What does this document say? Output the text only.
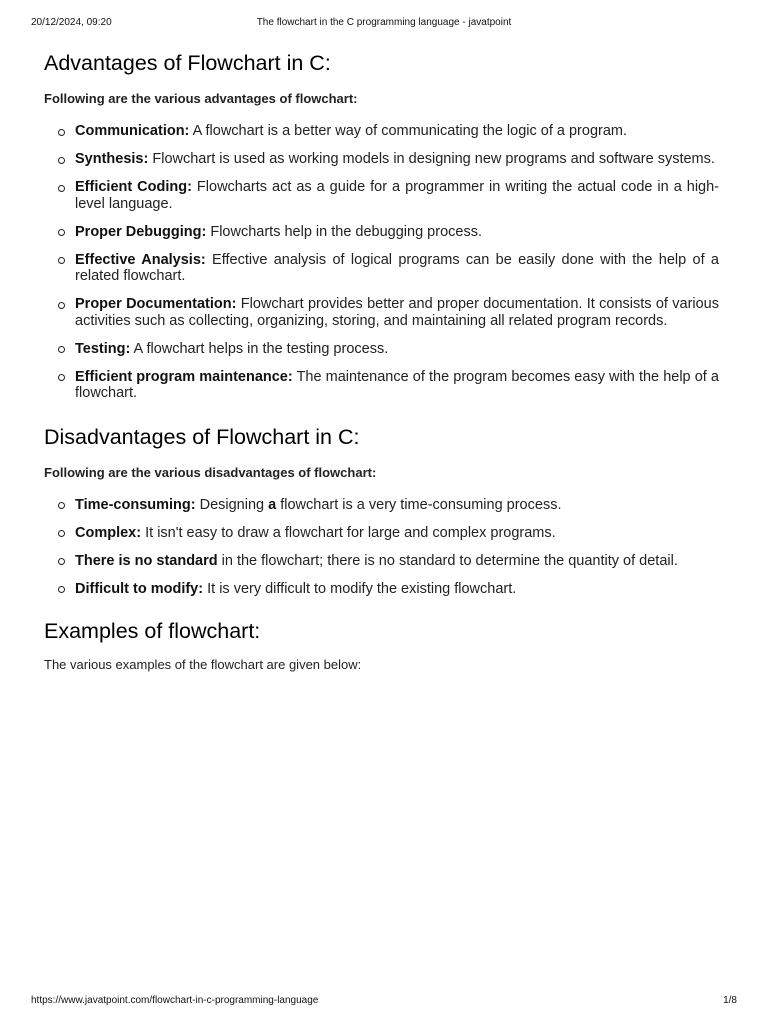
20/12/2024, 09:20	The flowchart in the C programming language - javatpoint
Advantages of Flowchart in C:

Following are the various advantages of flowchart:

Communication: A flowchart is a better way of communicating the logic of a program.
Synthesis: Flowchart is used as working models in designing new programs and software systems.
Efficient Coding: Flowcharts act as a guide for a programmer in writing the actual code in a high-level language.
Proper Debugging: Flowcharts help in the debugging process.
Effective Analysis: Effective analysis of logical programs can be easily done with the help of a related flowchart.
Proper Documentation: Flowchart provides better and proper documentation. It consists of various activities such as collecting, organizing, storing, and maintaining all related program records.
Testing: A flowchart helps in the testing process.
Efficient program maintenance: The maintenance of the program becomes easy with the help of a flowchart.
Disadvantages of Flowchart in C:

Following are the various disadvantages of flowchart:

Time-consuming: Designing a flowchart is a very time-consuming process.
Complex: It isn't easy to draw a flowchart for large and complex programs.
There is no standard in the flowchart; there is no standard to determine the quantity of detail.
Difficult to modify: It is very difficult to modify the existing flowchart.
Examples of flowchart:

The various examples of the flowchart are given below:

https://www.javatpoint.com/flowchart-in-c-programming-language	1/8
